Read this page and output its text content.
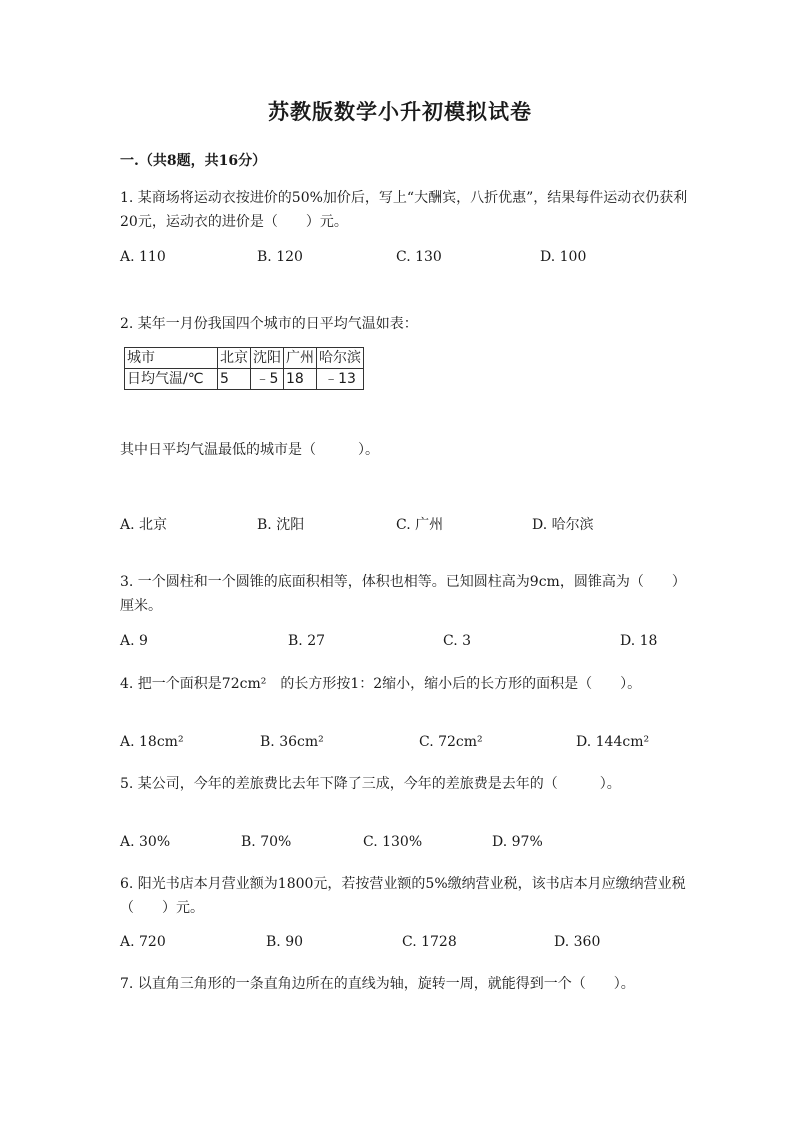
苏教版数学小升初模拟试卷
一.（共8题，共16分）
1. 某商场将运动衣按进价的50%加价后，写上“大酬宾，八折优惠”，结果每件运动衣仍获利20元，运动衣的进价是（　　）元。
A. 110	B. 120	C. 130	D. 100
2. 某年一月份我国四个城市的日平均气温如表：
城市	北京	沈阳	广州	哈尔滨
日均气温/℃	5	﹣5	18	﹣13
其中日平均气温最低的城市是（　　　）。
A. 北京	B. 沈阳	C. 广州	D. 哈尔滨
3. 一个圆柱和一个圆锥的底面积相等，体积也相等。已知圆柱高为9cm，圆锥高为（　　）厘米。
A. 9	B. 27	C. 3	D. 18
4. 把一个面积是72cm²　的长方形按1：2缩小，缩小后的长方形的面积是（　　）。
A. 18cm²	B. 36cm²	C. 72cm²	D. 144cm²
5. 某公司，今年的差旅费比去年下降了三成，今年的差旅费是去年的（　　　）。
A. 30%	B. 70%	C. 130%	D. 97%
6. 阳光书店本月营业额为1800元，若按营业额的5%缴纳营业税，该书店本月应缴纳营业税（　　）元。
A. 720	B. 90	C. 1728	D. 360
7. 以直角三角形的一条直角边所在的直线为轴，旋转一周，就能得到一个（　　）。
